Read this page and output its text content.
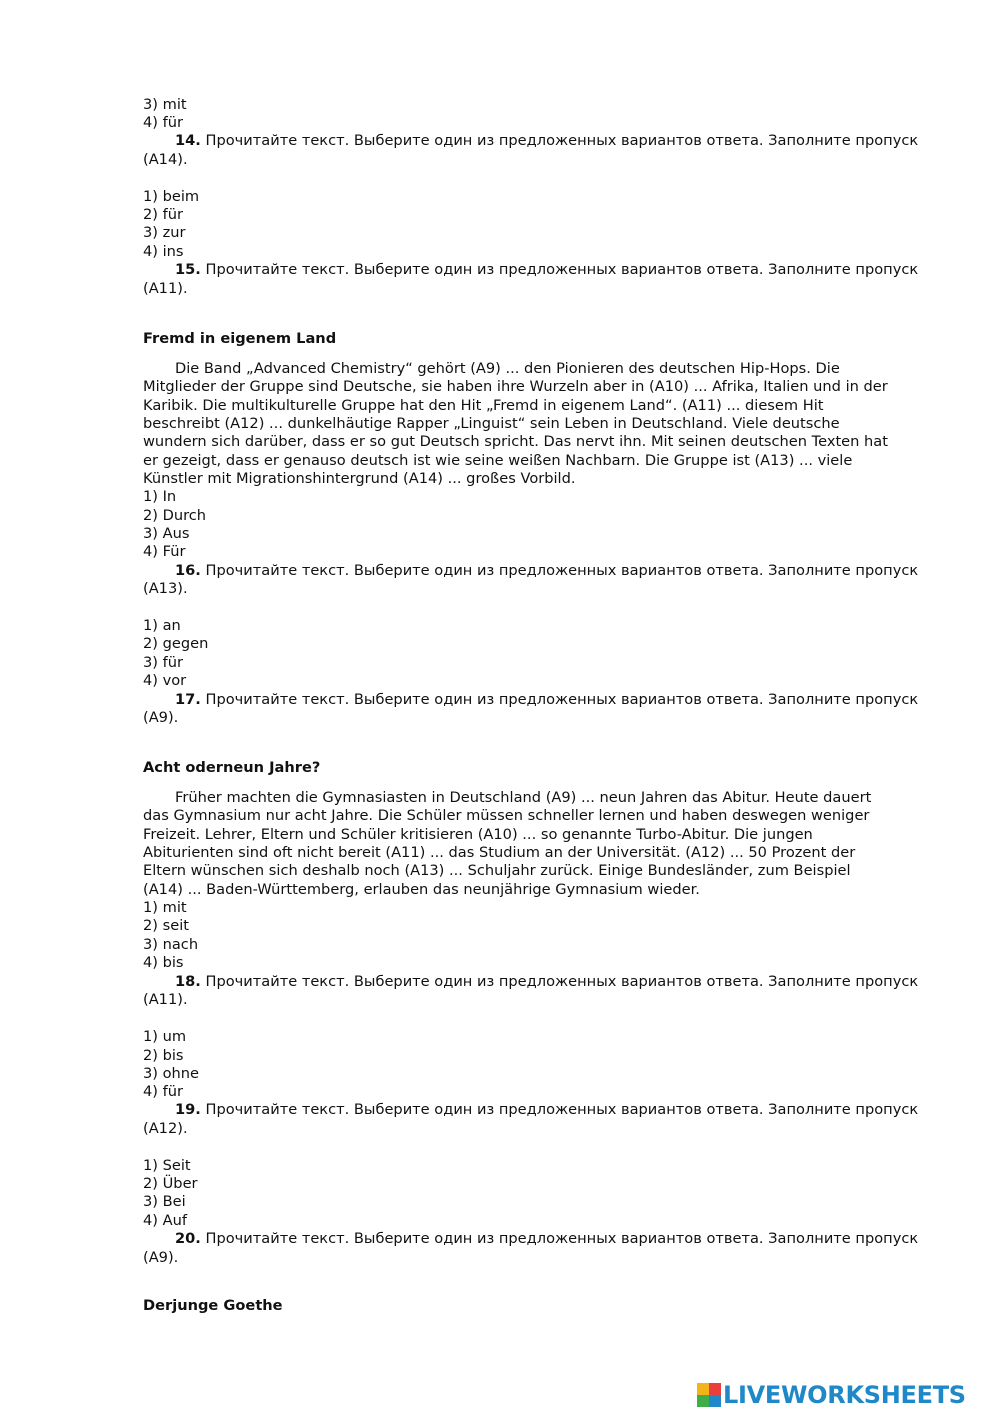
3) mit
4) für
14. Прочитайте текст. Выберите один из предложенных вариантов ответа. Заполните пропуск
(A14).
1) beim
2) für
3) zur
4) ins
15. Прочитайте текст. Выберите один из предложенных вариантов ответа. Заполните пропуск
(A11).
Fremd in eigenem Land
Die Band „Advanced Chemistry“ gehört (A9) ... den Pionieren des deutschen Hip-Hops. Die
Mitglieder der Gruppe sind Deutsche, sie haben ihre Wurzeln aber in (A10) ... Afrika, Italien und in der
Karibik. Die multikulturelle Gruppe hat den Hit „Fremd in eigenem Land“. (A11) ... diesem Hit
beschreibt (A12) ... dunkelhäutige Rapper „Linguist“ sein Leben in Deutschland. Viele deutsche
wundern sich darüber, dass er so gut Deutsch spricht. Das nervt ihn. Mit seinen deutschen Texten hat
er gezeigt, dass er genauso deutsch ist wie seine weißen Nachbarn. Die Gruppe ist (A13) ... viele
Künstler mit Migrationshintergrund (A14) ... großes Vorbild.
1) In
2) Durch
3) Aus
4) Für
16. Прочитайте текст. Выберите один из предложенных вариантов ответа. Заполните пропуск
(A13).
1) an
2) gegen
3) für
4) vor
17. Прочитайте текст. Выберите один из предложенных вариантов ответа. Заполните пропуск
(A9).
Acht oderneun Jahre?
Früher machten die Gymnasiasten in Deutschland (A9) ... neun Jahren das Abitur. Heute dauert
das Gymnasium nur acht Jahre. Die Schüler müssen schneller lernen und haben deswegen weniger
Freizeit. Lehrer, Eltern und Schüler kritisieren (A10) ... so genannte Turbo-Abitur. Die jungen
Abiturienten sind oft nicht bereit (A11) ... das Studium an der Universität. (A12) ... 50 Prozent der
Eltern wünschen sich deshalb noch (A13) ... Schuljahr zurück. Einige Bundesländer, zum Beispiel
(A14) ... Baden-Württemberg, erlauben das neunjährige Gymnasium wieder.
1) mit
2) seit
3) nach
4) bis
18. Прочитайте текст. Выберите один из предложенных вариантов ответа. Заполните пропуск
(A11).
1) um
2) bis
3) ohne
4) für
19. Прочитайте текст. Выберите один из предложенных вариантов ответа. Заполните пропуск
(A12).
1) Seit
2) Über
3) Bei
4) Auf
20. Прочитайте текст. Выберите один из предложенных вариантов ответа. Заполните пропуск
(A9).
Derjunge Goethe
LIVEWORKSHEETS
